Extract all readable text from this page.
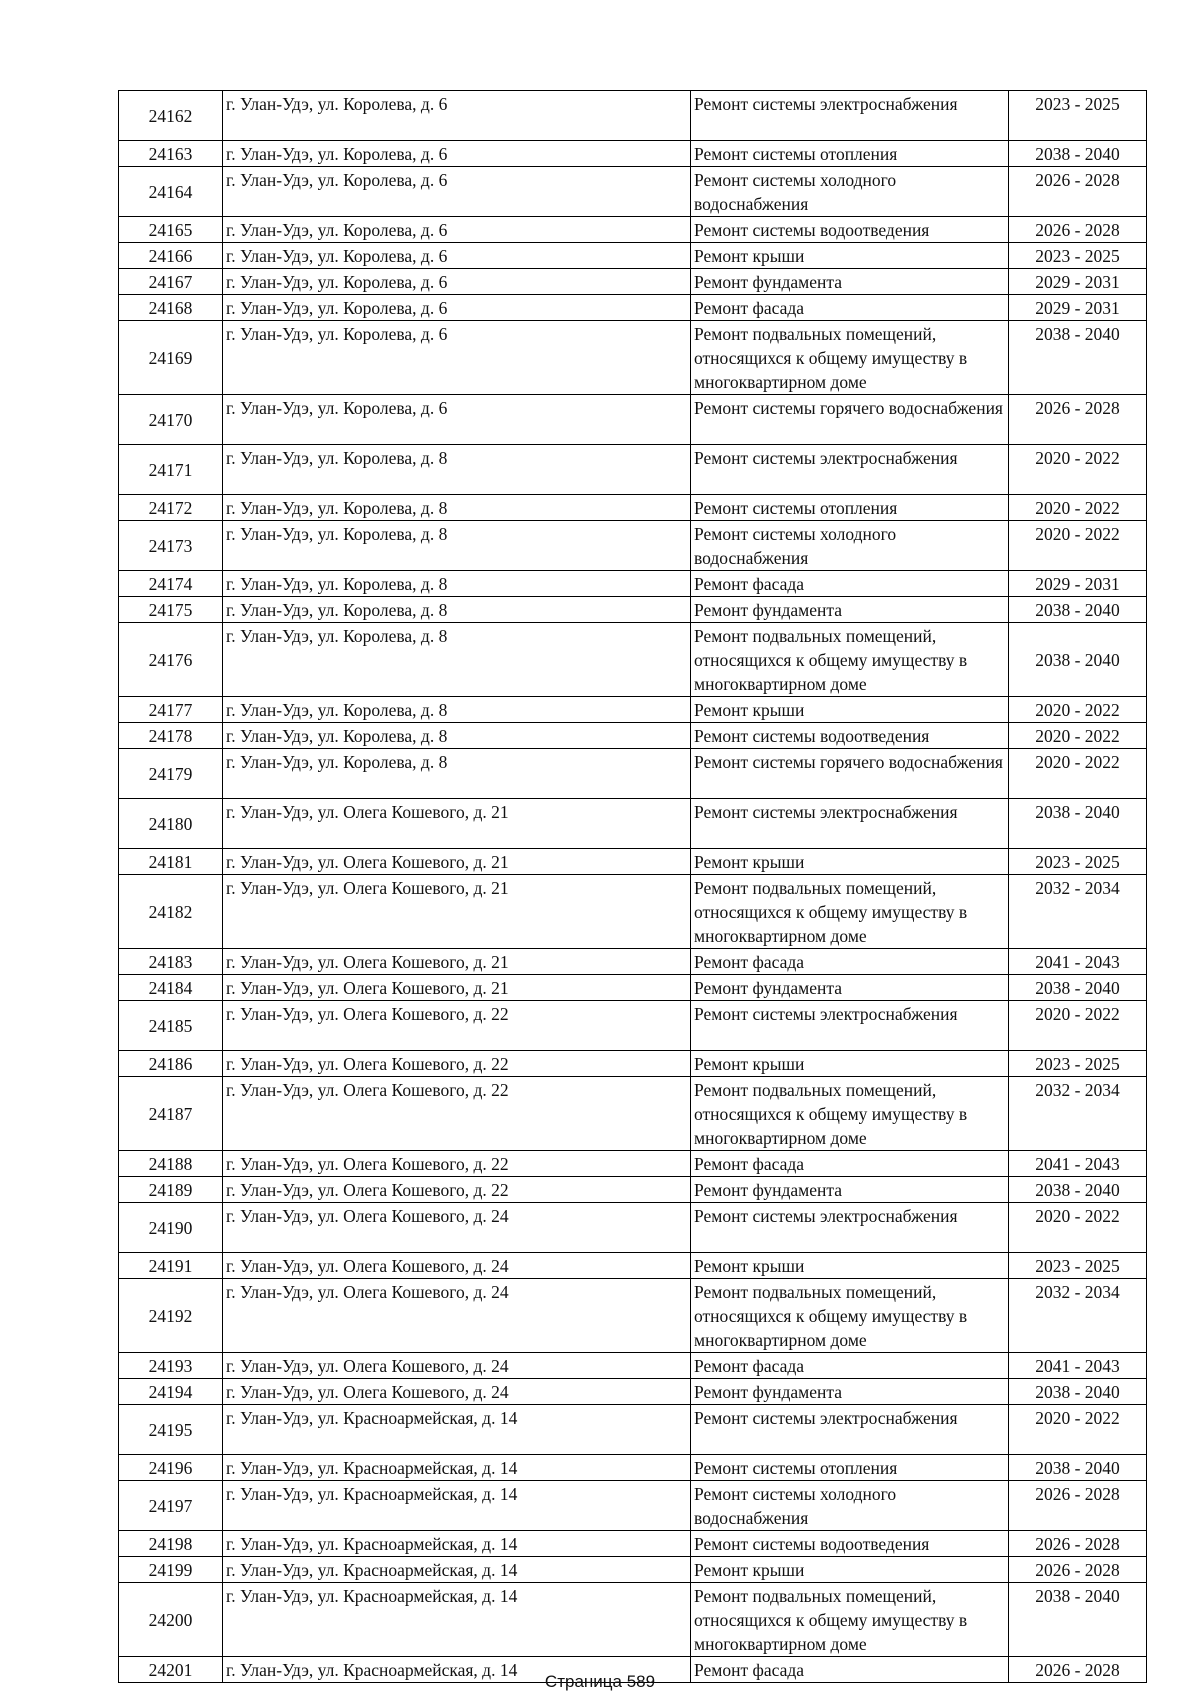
24162	г. Улан-Удэ, ул. Королева, д. 6	Ремонт системы электроснабжения	2023 - 2025
24163	г. Улан-Удэ, ул. Королева, д. 6	Ремонт системы отопления	2038 - 2040
24164	г. Улан-Удэ, ул. Королева, д. 6	Ремонт системы холодного водоснабжения	2026 - 2028
24165	г. Улан-Удэ, ул. Королева, д. 6	Ремонт системы водоотведения	2026 - 2028
24166	г. Улан-Удэ, ул. Королева, д. 6	Ремонт крыши	2023 - 2025
24167	г. Улан-Удэ, ул. Королева, д. 6	Ремонт фундамента	2029 - 2031
24168	г. Улан-Удэ, ул. Королева, д. 6	Ремонт фасада	2029 - 2031
24169	г. Улан-Удэ, ул. Королева, д. 6	Ремонт подвальных помещений, относящихся к общему имуществу в многоквартирном доме	2038 - 2040
24170	г. Улан-Удэ, ул. Королева, д. 6	Ремонт системы горячего водоснабжения	2026 - 2028
24171	г. Улан-Удэ, ул. Королева, д. 8	Ремонт системы электроснабжения	2020 - 2022
24172	г. Улан-Удэ, ул. Королева, д. 8	Ремонт системы отопления	2020 - 2022
24173	г. Улан-Удэ, ул. Королева, д. 8	Ремонт системы холодного водоснабжения	2020 - 2022
24174	г. Улан-Удэ, ул. Королева, д. 8	Ремонт фасада	2029 - 2031
24175	г. Улан-Удэ, ул. Королева, д. 8	Ремонт фундамента	2038 - 2040
24176	г. Улан-Удэ, ул. Королева, д. 8	Ремонт подвальных помещений, относящихся к общему имуществу в многоквартирном доме	2038 - 2040
24177	г. Улан-Удэ, ул. Королева, д. 8	Ремонт крыши	2020 - 2022
24178	г. Улан-Удэ, ул. Королева, д. 8	Ремонт системы водоотведения	2020 - 2022
24179	г. Улан-Удэ, ул. Королева, д. 8	Ремонт системы горячего водоснабжения	2020 - 2022
24180	г. Улан-Удэ, ул. Олега Кошевого, д. 21	Ремонт системы электроснабжения	2038 - 2040
24181	г. Улан-Удэ, ул. Олега Кошевого, д. 21	Ремонт крыши	2023 - 2025
24182	г. Улан-Удэ, ул. Олега Кошевого, д. 21	Ремонт подвальных помещений, относящихся к общему имуществу в многоквартирном доме	2032 - 2034
24183	г. Улан-Удэ, ул. Олега Кошевого, д. 21	Ремонт фасада	2041 - 2043
24184	г. Улан-Удэ, ул. Олега Кошевого, д. 21	Ремонт фундамента	2038 - 2040
24185	г. Улан-Удэ, ул. Олега Кошевого, д. 22	Ремонт системы электроснабжения	2020 - 2022
24186	г. Улан-Удэ, ул. Олега Кошевого, д. 22	Ремонт крыши	2023 - 2025
24187	г. Улан-Удэ, ул. Олега Кошевого, д. 22	Ремонт подвальных помещений, относящихся к общему имуществу в многоквартирном доме	2032 - 2034
24188	г. Улан-Удэ, ул. Олега Кошевого, д. 22	Ремонт фасада	2041 - 2043
24189	г. Улан-Удэ, ул. Олега Кошевого, д. 22	Ремонт фундамента	2038 - 2040
24190	г. Улан-Удэ, ул. Олега Кошевого, д. 24	Ремонт системы электроснабжения	2020 - 2022
24191	г. Улан-Удэ, ул. Олега Кошевого, д. 24	Ремонт крыши	2023 - 2025
24192	г. Улан-Удэ, ул. Олега Кошевого, д. 24	Ремонт подвальных помещений, относящихся к общему имуществу в многоквартирном доме	2032 - 2034
24193	г. Улан-Удэ, ул. Олега Кошевого, д. 24	Ремонт фасада	2041 - 2043
24194	г. Улан-Удэ, ул. Олега Кошевого, д. 24	Ремонт фундамента	2038 - 2040
24195	г. Улан-Удэ, ул. Красноармейская, д. 14	Ремонт системы электроснабжения	2020 - 2022
24196	г. Улан-Удэ, ул. Красноармейская, д. 14	Ремонт системы отопления	2038 - 2040
24197	г. Улан-Удэ, ул. Красноармейская, д. 14	Ремонт системы холодного водоснабжения	2026 - 2028
24198	г. Улан-Удэ, ул. Красноармейская, д. 14	Ремонт системы водоотведения	2026 - 2028
24199	г. Улан-Удэ, ул. Красноармейская, д. 14	Ремонт крыши	2026 - 2028
24200	г. Улан-Удэ, ул. Красноармейская, д. 14	Ремонт подвальных помещений, относящихся к общему имуществу в многоквартирном доме	2038 - 2040
24201	г. Улан-Удэ, ул. Красноармейская, д. 14	Ремонт фасада	2026 - 2028
Страница 589
